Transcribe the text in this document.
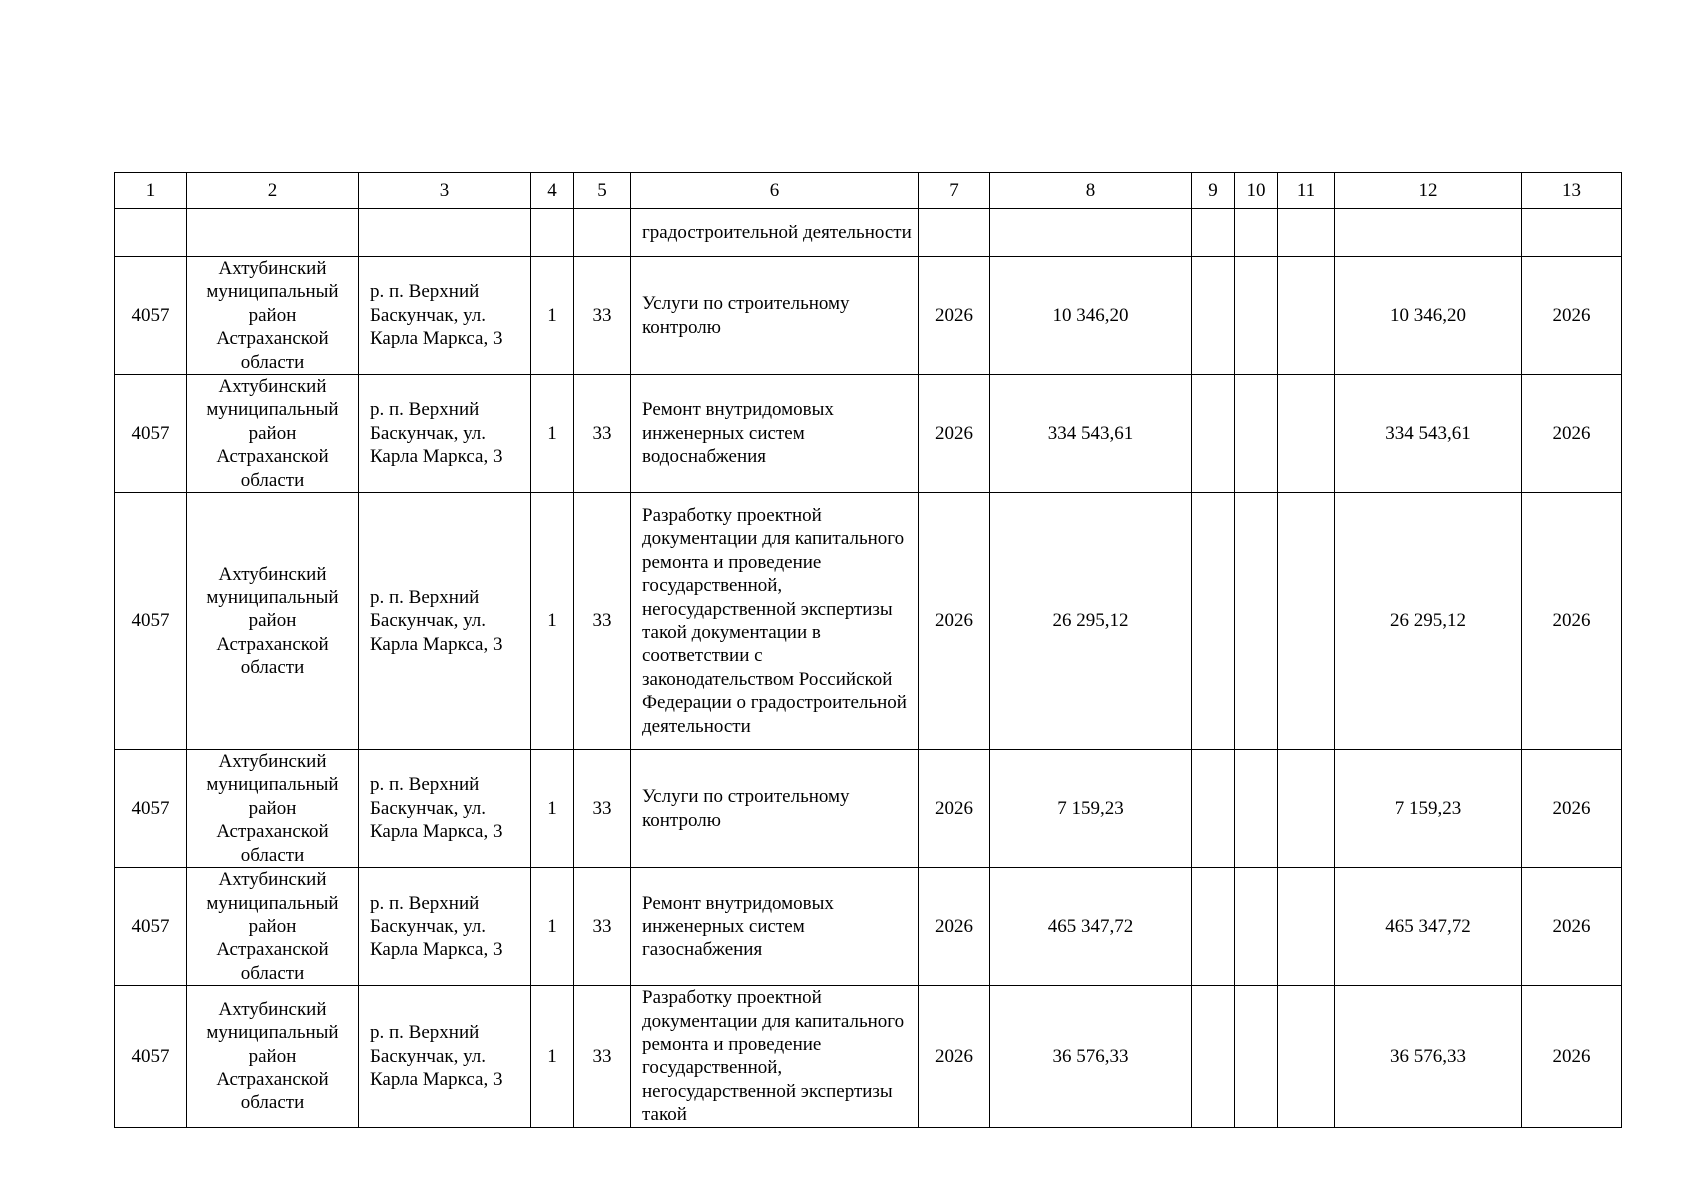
1	2	3	4	5	6	7	8	9	10	11	12	13
					градостроительной деятельности							
4057	Ахтубинский муниципальный район Астраханской области	р. п. Верхний Баскунчак, ул. Карла Маркса, 3	1	33	Услуги по строительному контролю	2026	10 346,20				10 346,20	2026
4057	Ахтубинский муниципальный район Астраханской области	р. п. Верхний Баскунчак, ул. Карла Маркса, 3	1	33	Ремонт внутридомовых инженерных систем водоснабжения	2026	334 543,61				334 543,61	2026
4057	Ахтубинский муниципальный район Астраханской области	р. п. Верхний Баскунчак, ул. Карла Маркса, 3	1	33	Разработку проектной документации для капитального ремонта и проведение государственной, негосударственной экспертизы такой документации в соответствии с законодательством Российской Федерации о градостроительной деятельности	2026	26 295,12				26 295,12	2026
4057	Ахтубинский муниципальный район Астраханской области	р. п. Верхний Баскунчак, ул. Карла Маркса, 3	1	33	Услуги по строительному контролю	2026	7 159,23				7 159,23	2026
4057	Ахтубинский муниципальный район Астраханской области	р. п. Верхний Баскунчак, ул. Карла Маркса, 3	1	33	Ремонт внутридомовых инженерных систем газоснабжения	2026	465 347,72				465 347,72	2026
4057	Ахтубинский муниципальный район Астраханской области	р. п. Верхний Баскунчак, ул. Карла Маркса, 3	1	33	Разработку проектной документации для капитального ремонта и проведение государственной, негосударственной экспертизы такой	2026	36 576,33				36 576,33	2026
